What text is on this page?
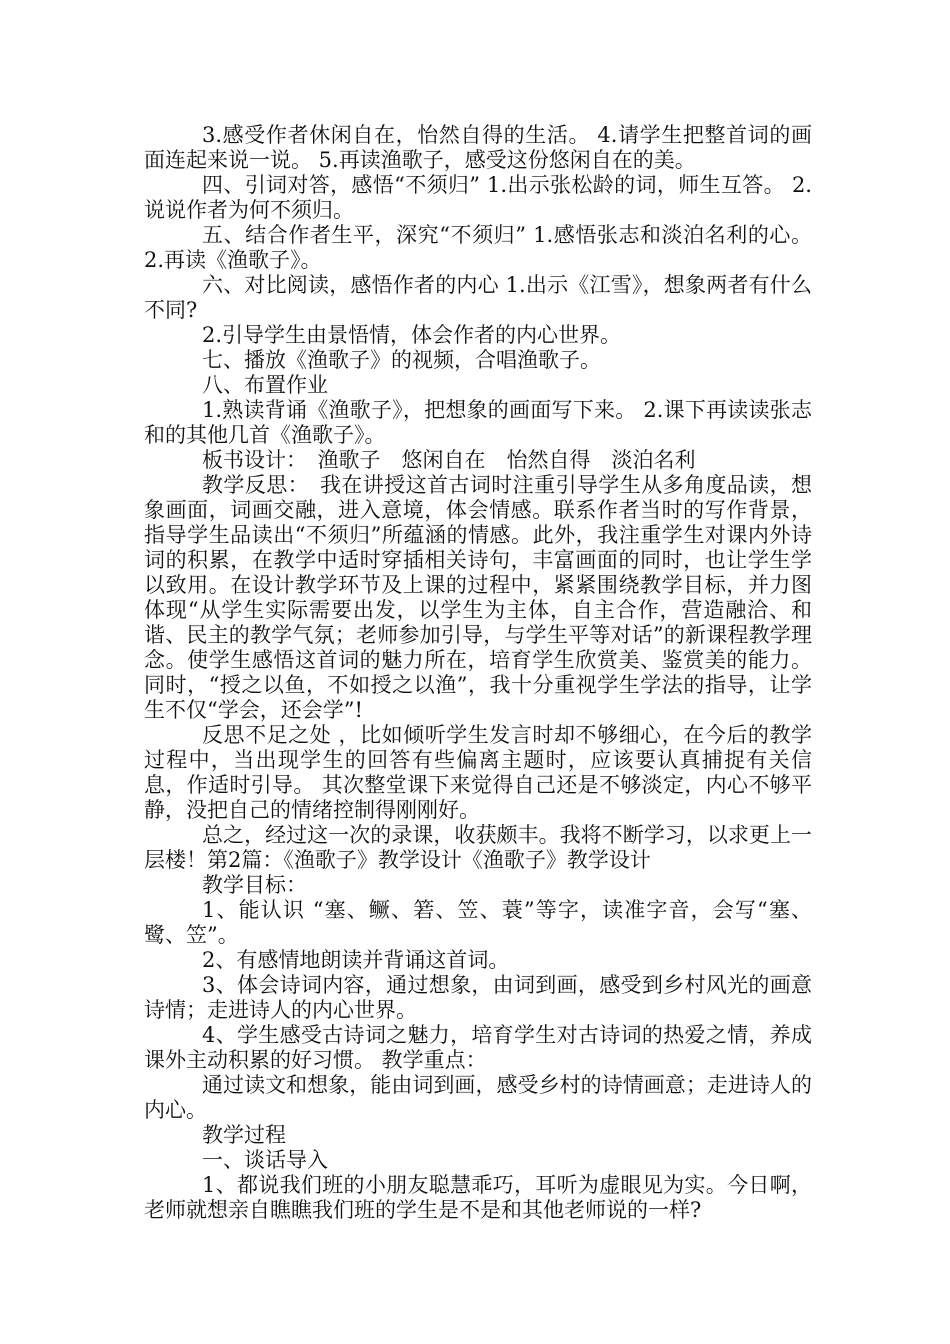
3.感受作者休闲自在，怡然自得的生活。 4.请学生把整首词的画面连起来说一说。 5.再读渔歌子，感受这份悠闲自在的美。

四、引词对答，感悟“不须归” 1.出示张松龄的词，师生互答。 2.说说作者为何不须归。

五、结合作者生平，深究“不须归” 1.感悟张志和淡泊名利的心。 2.再读《渔歌子》。

六、对比阅读，感悟作者的内心 1.出示《江雪》，想象两者有什么不同?

2.引导学生由景悟情，体会作者的内心世界。

七、播放《渔歌子》的视频，合唱渔歌子。

八、布置作业

1.熟读背诵《渔歌子》，把想象的画面写下来。 2.课下再读读张志和的其他几首《渔歌子》。

板书设计：　渔歌子　悠闲自在　怡然自得　淡泊名利

教学反思：　我在讲授这首古词时注重引导学生从多角度品读，想象画面，词画交融，进入意境，体会情感。联系作者当时的写作背景，指导学生品读出“不须归”所蕴涵的情感。此外，我注重学生对课内外诗词的积累，在教学中适时穿插相关诗句，丰富画面的同时，也让学生学以致用。在设计教学环节及上课的过程中，紧紧围绕教学目标，并力图体现“从学生实际需要出发，以学生为主体，自主合作，营造融洽、和谐、民主的教学气氛；老师参加引导，与学生平等对话”的新课程教学理念。使学生感悟这首词的魅力所在，培育学生欣赏美、鉴赏美的能力。同时，“授之以鱼，不如授之以渔”，我十分重视学生学法的指导，让学生不仅“学会，还会学”!

反思不足之处 ，比如倾听学生发言时却不够细心，在今后的教学过程中，当出现学生的回答有些偏离主题时，应该要认真捕捉有关信息，作适时引导。 其次整堂课下来觉得自己还是不够淡定，内心不够平静，没把自己的情绪控制得刚刚好。

总之，经过这一次的录课，收获颇丰。我将不断学习，以求更上一层楼！第2篇：《渔歌子》教学设计《渔歌子》教学设计

教学目标：

1、能认识 “塞、鳜、箬、笠、蓑”等字，读准字音，会写“塞、鹭、笠”。

2、有感情地朗读并背诵这首词。

3、体会诗词内容，通过想象，由词到画，感受到乡村风光的画意诗情；走进诗人的内心世界。

4、学生感受古诗词之魅力，培育学生对古诗词的热爱之情，养成课外主动积累的好习惯。 教学重点：

通过读文和想象，能由词到画，感受乡村的诗情画意；走进诗人的内心。

教学过程

一、谈话导入

1、都说我们班的小朋友聪慧乖巧，耳听为虚眼见为实。今日啊，老师就想亲自瞧瞧我们班的学生是不是和其他老师说的一样?
